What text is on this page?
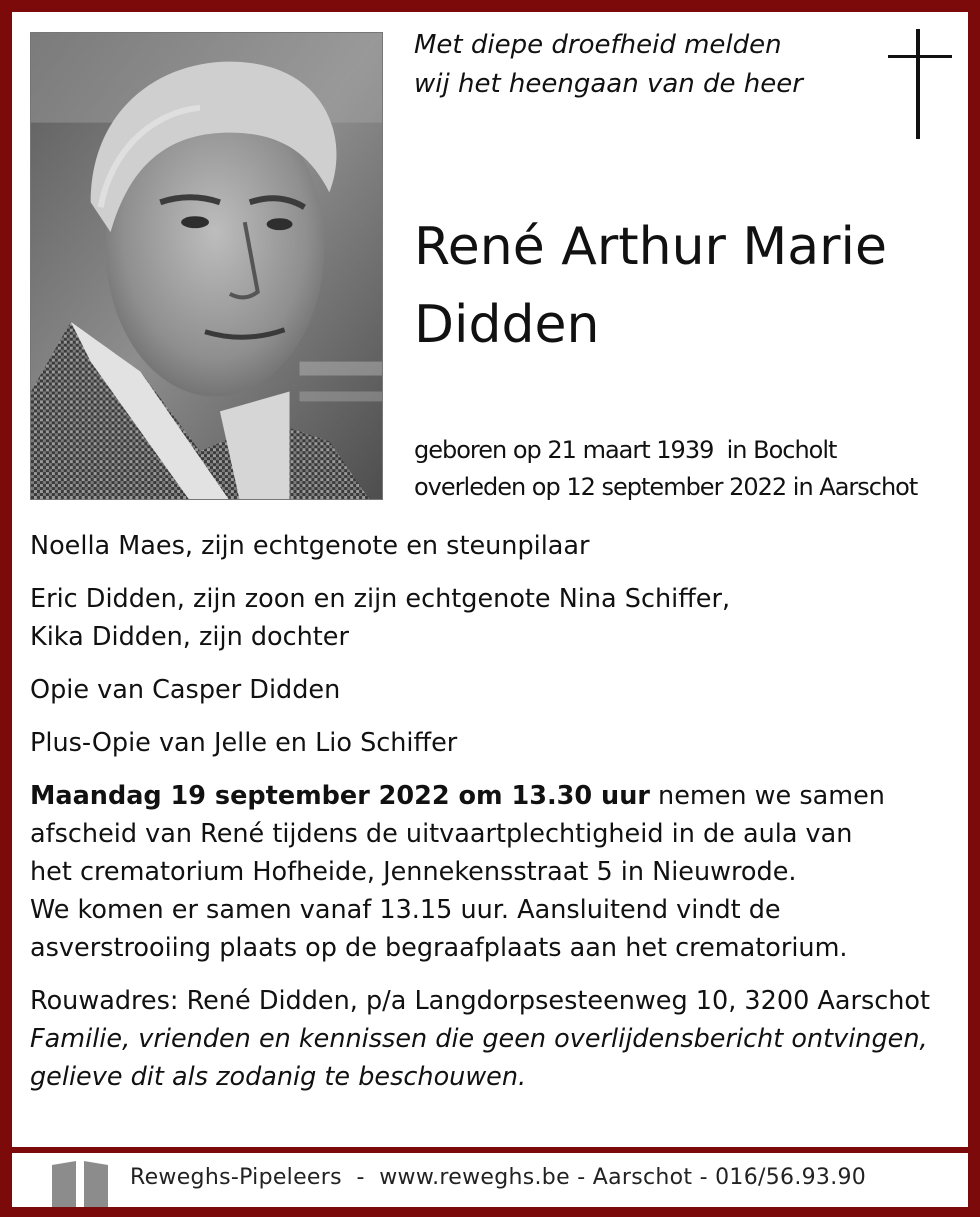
Met diepe droefheid melden
wij het heengaan van de heer
René Arthur Marie
Didden
geboren op 21 maart 1939  in Bocholt
overleden op 12 september 2022 in Aarschot

Noella Maes, zijn echtgenote en steunpilaar

Eric Didden, zijn zoon en zijn echtgenote Nina Schiffer,

Kika Didden, zijn dochter

Opie van Casper Didden

Plus-Opie van Jelle en Lio Schiffer

Maandag 19 september 2022 om 13.30 uur nemen we samen

afscheid van René tijdens de uitvaartplechtigheid in de aula van

het crematorium Hofheide, Jennekensstraat 5 in Nieuwrode.

We komen er samen vanaf 13.15 uur. Aansluitend vindt de

asverstrooiing plaats op de begraafplaats aan het crematorium.

Rouwadres: René Didden, p/a Langdorpsesteenweg 10, 3200 Aarschot

Familie, vrienden en kennissen die geen overlijdensbericht ontvingen,

gelieve dit als zodanig te beschouwen.

Reweghs-Pipeleers  -  www.reweghs.be - Aarschot - 016/56.93.90
